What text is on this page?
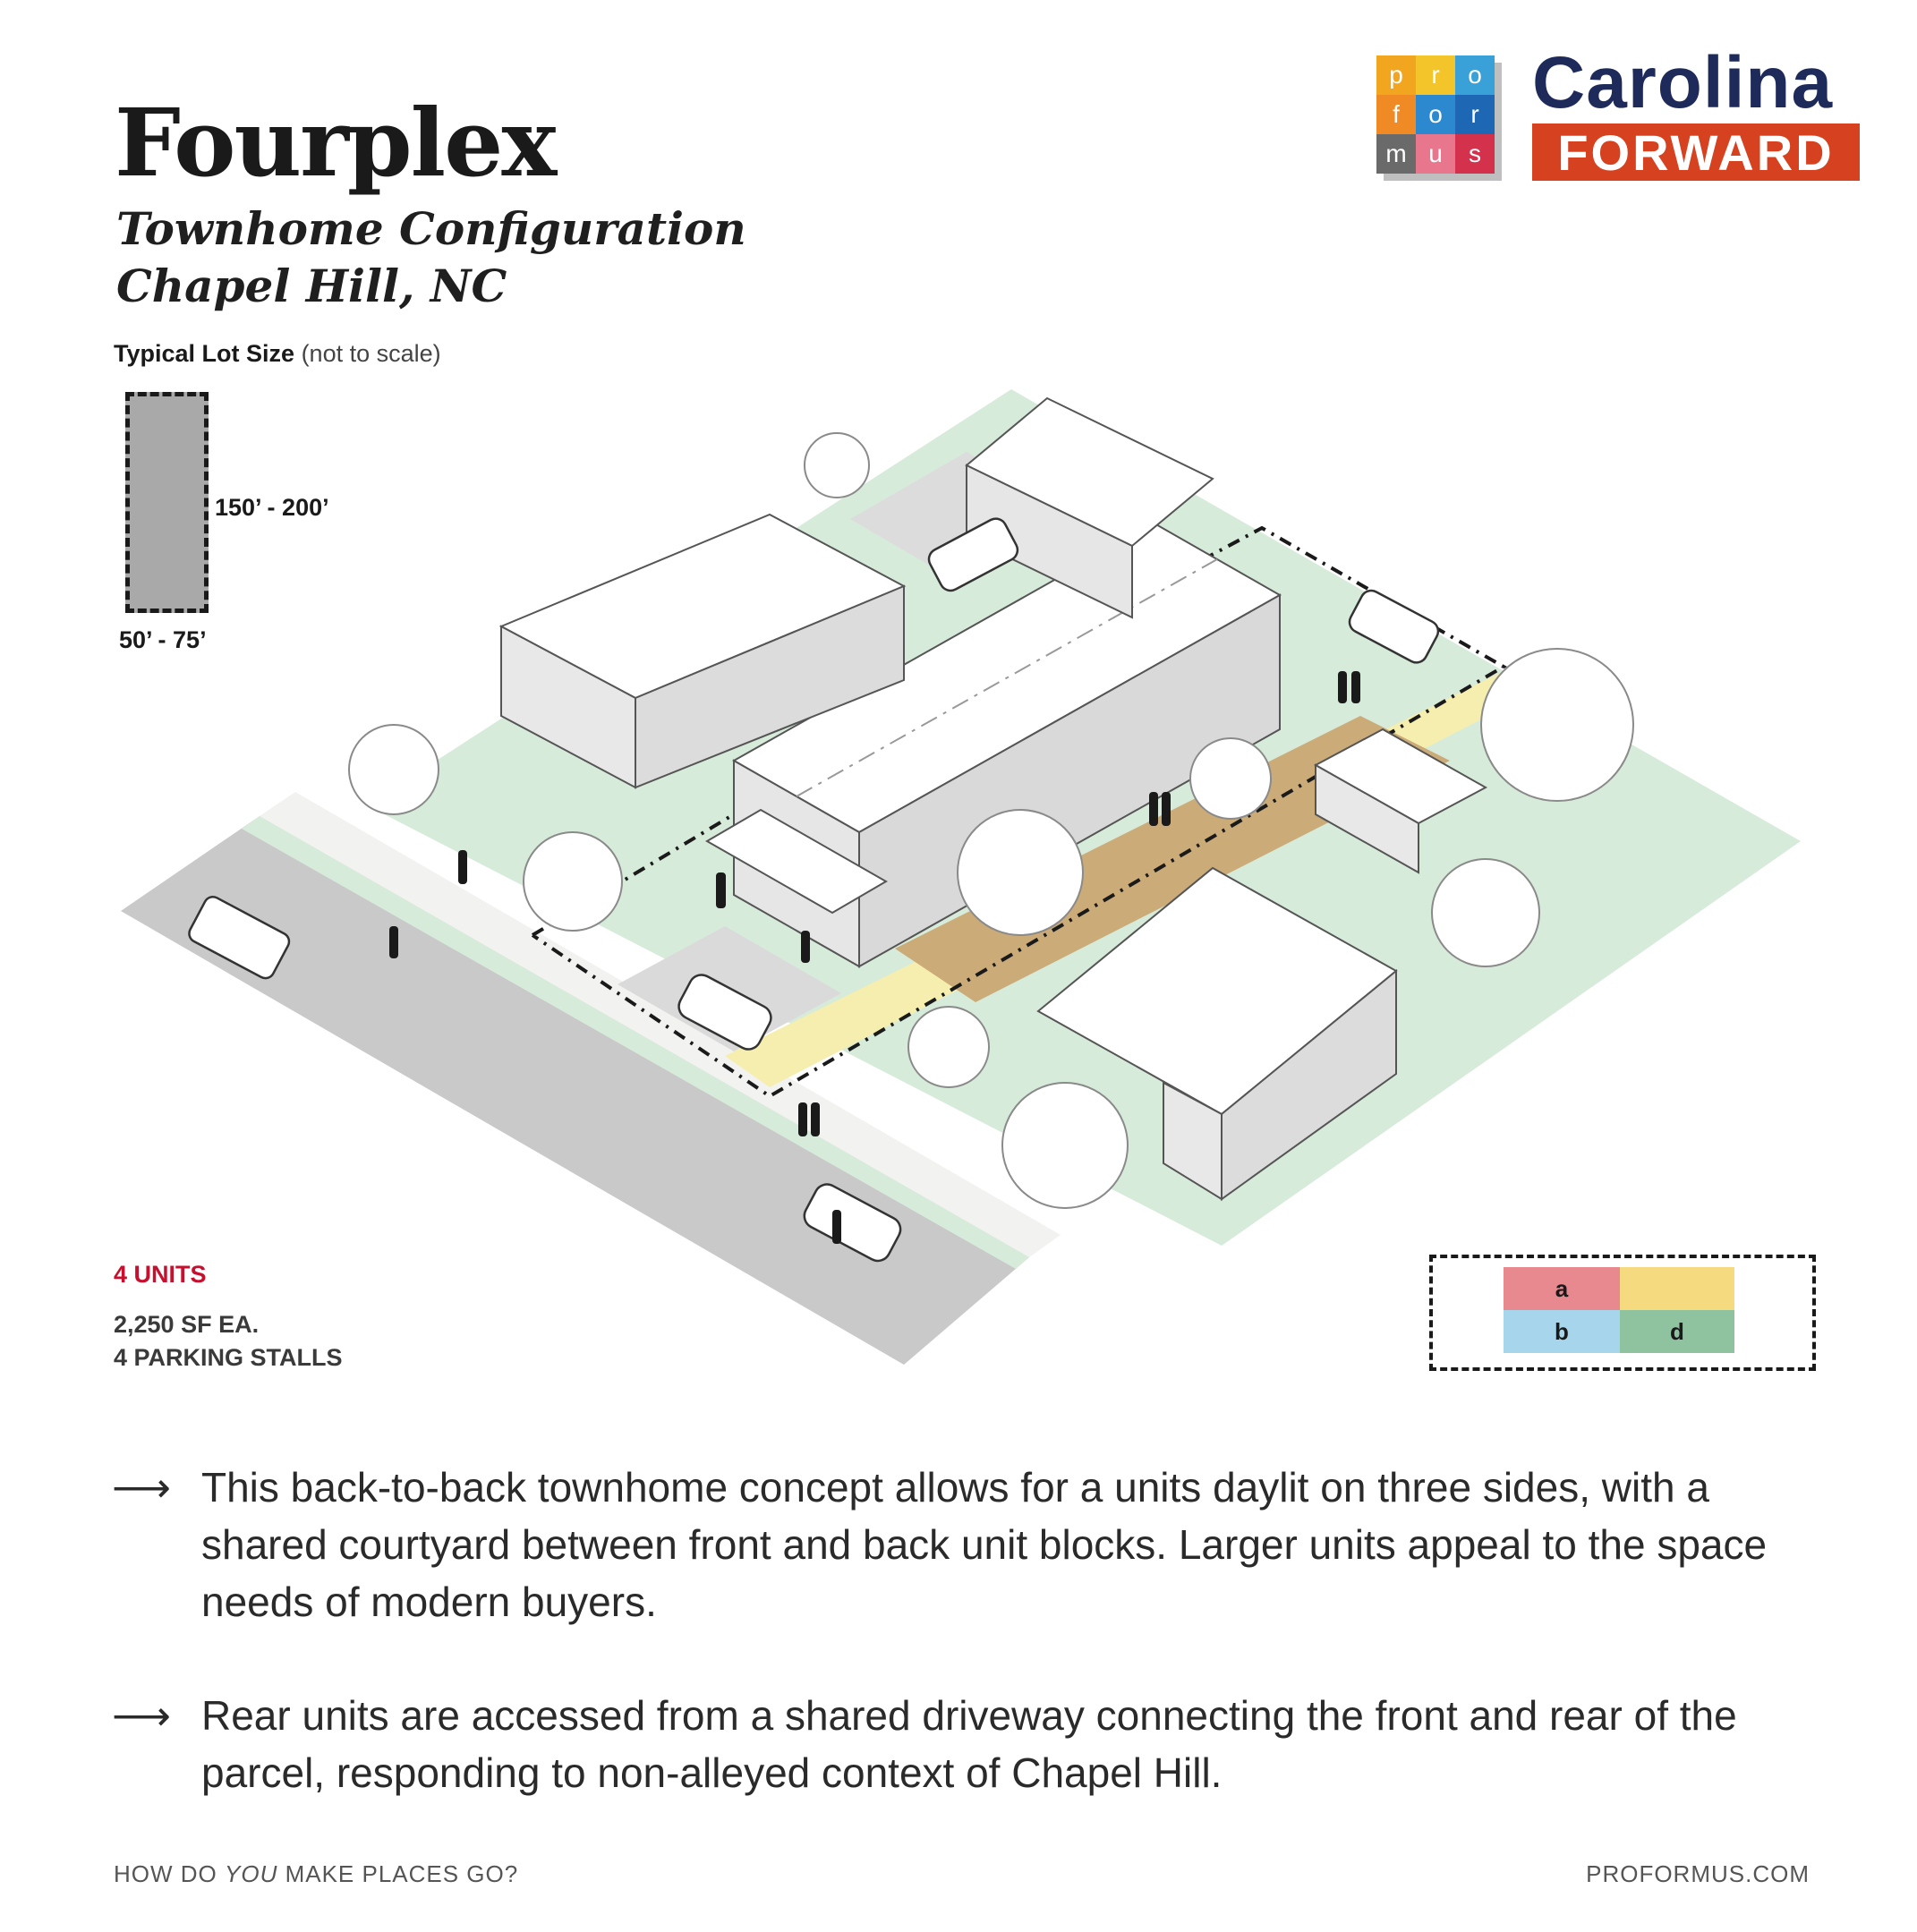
Fourplex
Townhome Configuration
Chapel Hill, NC
p	r	o
f	o	r
m u	s
Carolina
FORWARD
Typical Lot Size (not to scale)
150’ - 200’
50’ - 75’
4 UNITS
2,250 SF EA.
4 PARKING STALLS
a
b	d
⟶ This back-to-back townhome concept allows for a units daylit on three sides, with a shared courtyard between front and back unit blocks. Larger units appeal to the space needs of modern buyers.
⟶ Rear units are accessed from a shared driveway connecting the front and rear of the parcel, responding to non-alleyed context of Chapel Hill.
HOW DO YOU MAKE PLACES GO?	PROFORMUS.COM
